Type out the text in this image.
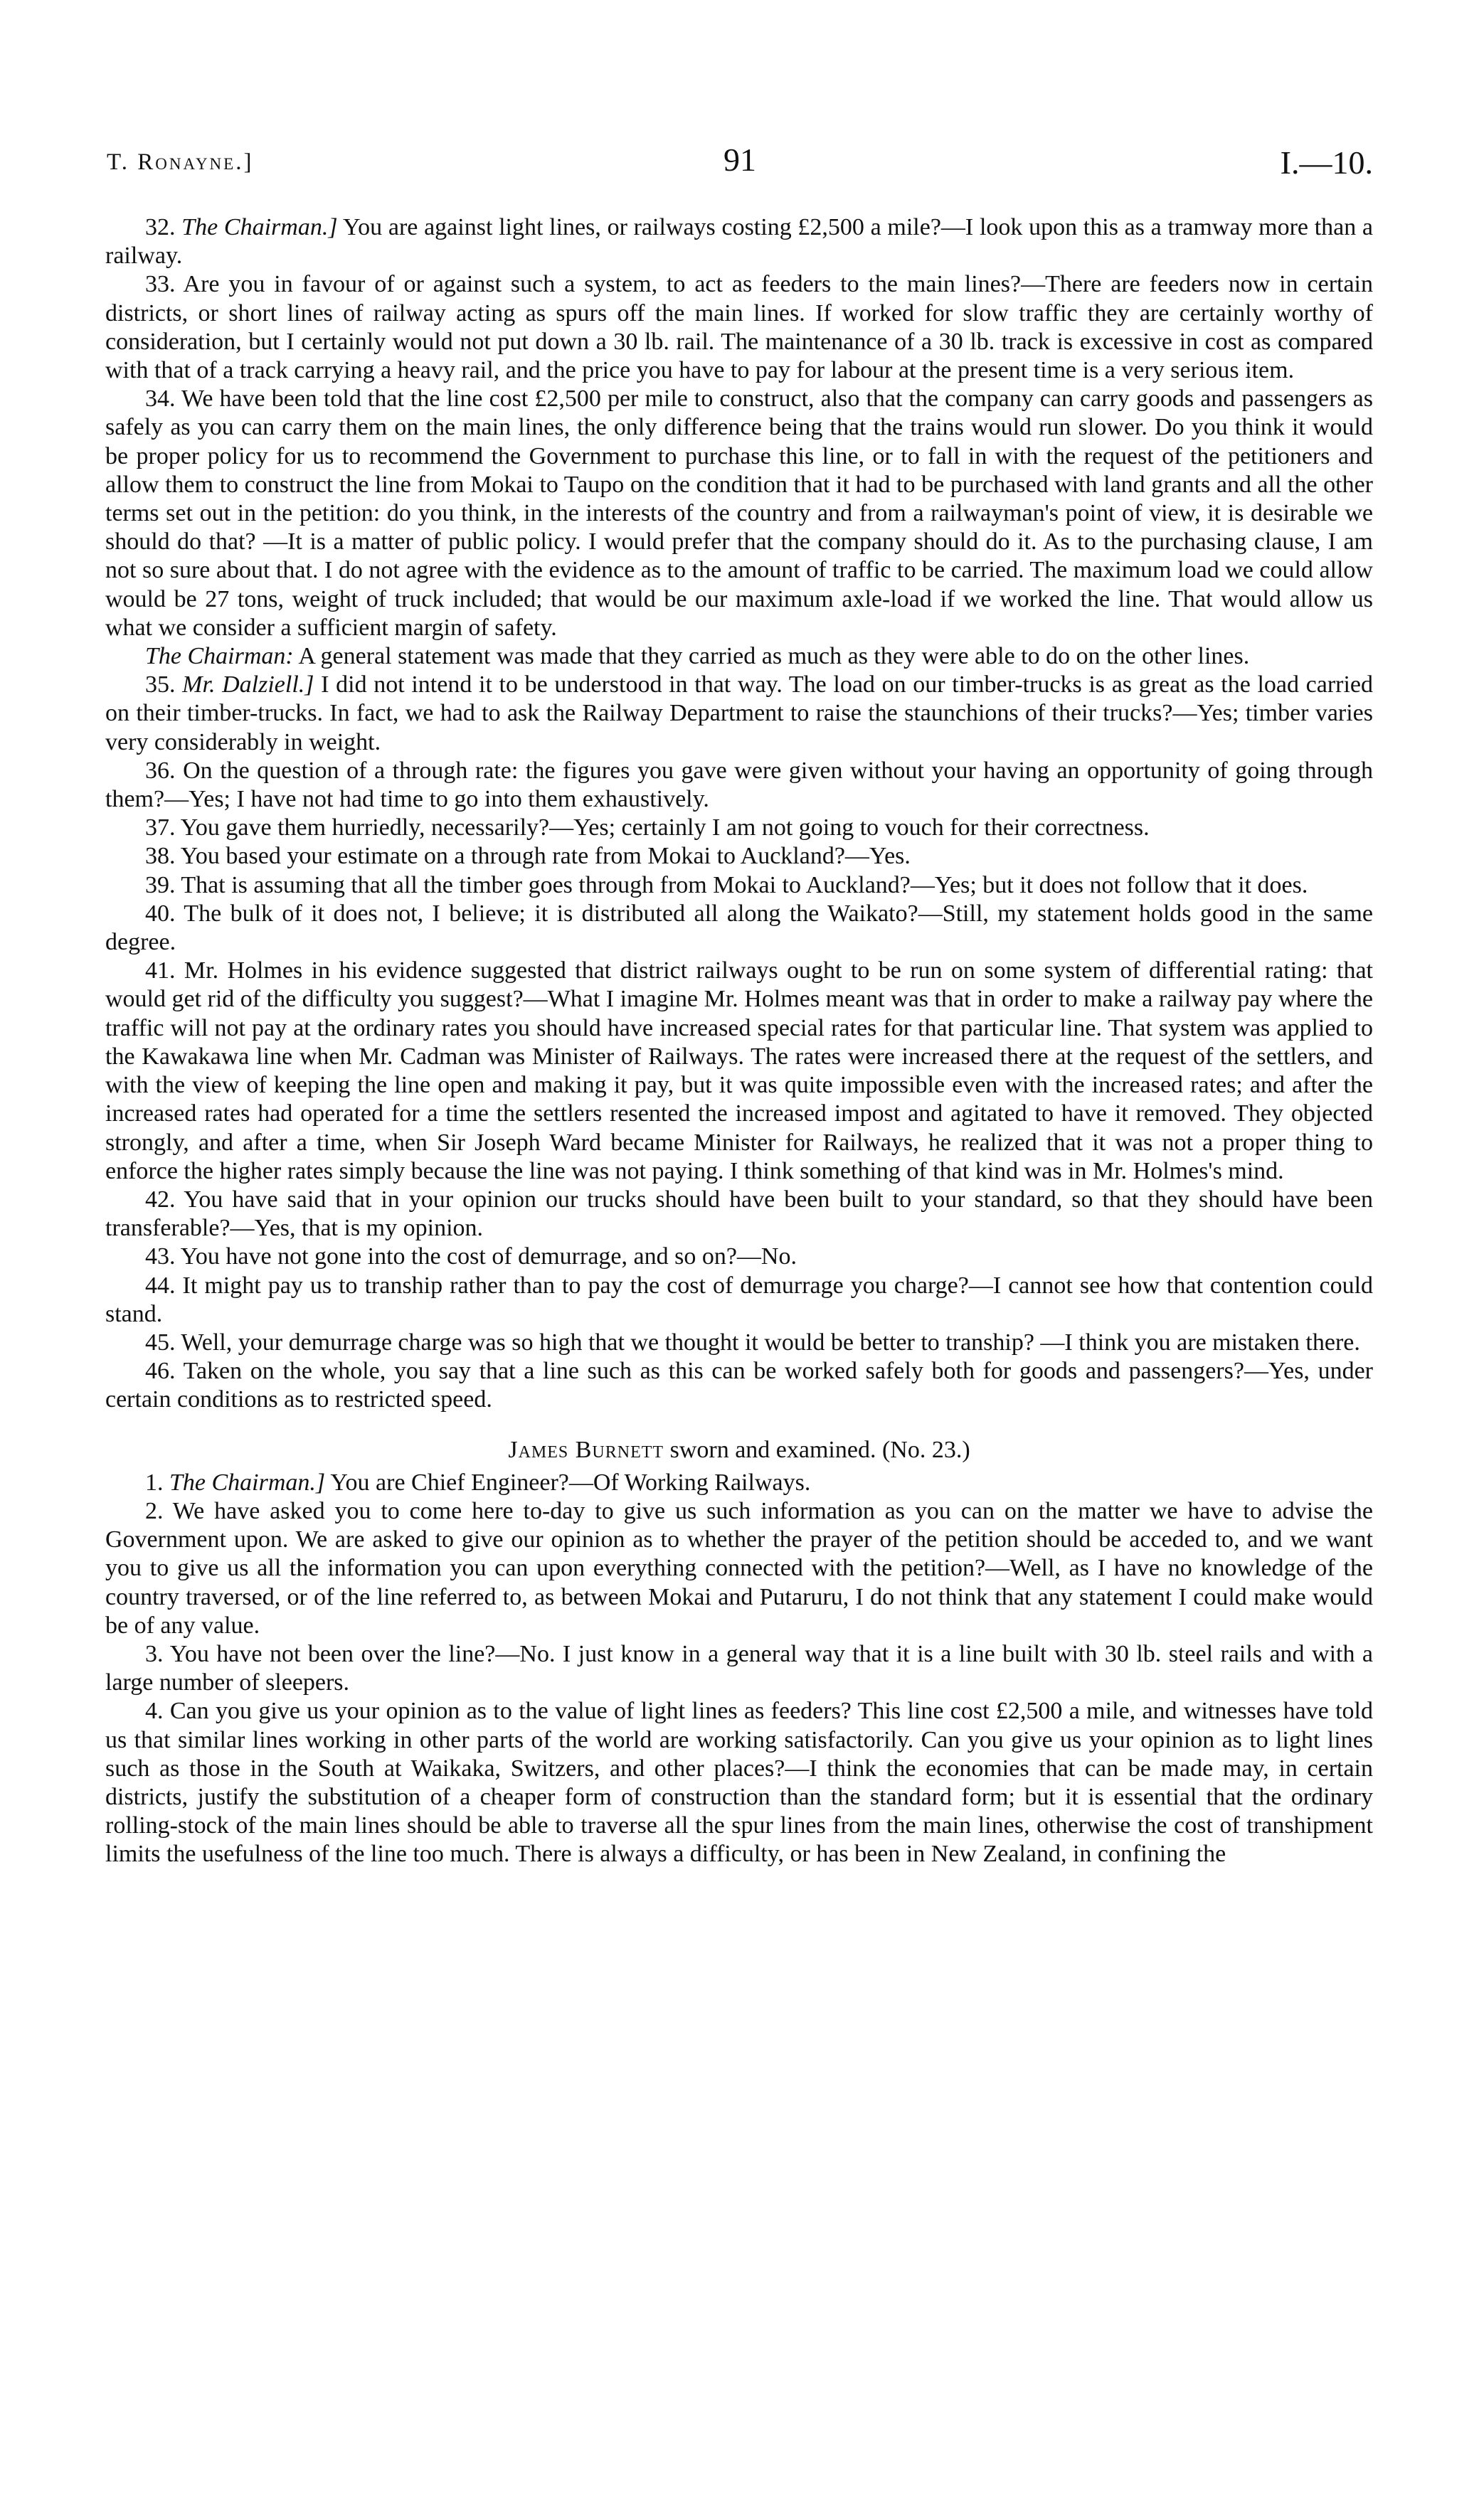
T. Ronayne.]	91	I.—10.

32. The Chairman.] You are against light lines, or railways costing £2,500 a mile?—I look upon this as a tramway more than a railway.

33. Are you in favour of or against such a system, to act as feeders to the main lines?—There are feeders now in certain districts, or short lines of railway acting as spurs off the main lines. If worked for slow traffic they are certainly worthy of consideration, but I certainly would not put down a 30 lb. rail. The maintenance of a 30 lb. track is excessive in cost as compared with that of a track carrying a heavy rail, and the price you have to pay for labour at the present time is a very serious item.

34. We have been told that the line cost £2,500 per mile to construct, also that the company can carry goods and passengers as safely as you can carry them on the main lines, the only difference being that the trains would run slower. Do you think it would be proper policy for us to recommend the Government to purchase this line, or to fall in with the request of the petitioners and allow them to construct the line from Mokai to Taupo on the condition that it had to be purchased with land grants and all the other terms set out in the petition: do you think, in the interests of the country and from a railwayman's point of view, it is desirable we should do that? —It is a matter of public policy. I would prefer that the company should do it. As to the purchasing clause, I am not so sure about that. I do not agree with the evidence as to the amount of traffic to be carried. The maximum load we could allow would be 27 tons, weight of truck included; that would be our maximum axle-load if we worked the line. That would allow us what we consider a sufficient margin of safety.

The Chairman: A general statement was made that they carried as much as they were able to do on the other lines.

35. Mr. Dalziell.] I did not intend it to be understood in that way. The load on our timber-trucks is as great as the load carried on their timber-trucks. In fact, we had to ask the Railway Department to raise the staunchions of their trucks?—Yes; timber varies very considerably in weight.

36. On the question of a through rate: the figures you gave were given without your having an opportunity of going through them?—Yes; I have not had time to go into them exhaustively.

37. You gave them hurriedly, necessarily?—Yes; certainly I am not going to vouch for their correctness.

38. You based your estimate on a through rate from Mokai to Auckland?—Yes.

39. That is assuming that all the timber goes through from Mokai to Auckland?—Yes; but it does not follow that it does.

40. The bulk of it does not, I believe; it is distributed all along the Waikato?—Still, my statement holds good in the same degree.

41. Mr. Holmes in his evidence suggested that district railways ought to be run on some system of differential rating: that would get rid of the difficulty you suggest?—What I imagine Mr. Holmes meant was that in order to make a railway pay where the traffic will not pay at the ordinary rates you should have increased special rates for that particular line. That system was applied to the Kawakawa line when Mr. Cadman was Minister of Railways. The rates were increased there at the request of the settlers, and with the view of keeping the line open and making it pay, but it was quite impossible even with the increased rates; and after the increased rates had operated for a time the settlers resented the increased impost and agitated to have it removed. They objected strongly, and after a time, when Sir Joseph Ward became Minister for Railways, he realized that it was not a proper thing to enforce the higher rates simply because the line was not paying. I think something of that kind was in Mr. Holmes's mind.

42. You have said that in your opinion our trucks should have been built to your standard, so that they should have been transferable?—Yes, that is my opinion.

43. You have not gone into the cost of demurrage, and so on?—No.

44. It might pay us to tranship rather than to pay the cost of demurrage you charge?—I cannot see how that contention could stand.

45. Well, your demurrage charge was so high that we thought it would be better to tranship? —I think you are mistaken there.

46. Taken on the whole, you say that a line such as this can be worked safely both for goods and passengers?—Yes, under certain conditions as to restricted speed.

James Burnett sworn and examined. (No. 23.)

1. The Chairman.] You are Chief Engineer?—Of Working Railways.

2. We have asked you to come here to-day to give us such information as you can on the matter we have to advise the Government upon. We are asked to give our opinion as to whether the prayer of the petition should be acceded to, and we want you to give us all the information you can upon everything connected with the petition?—Well, as I have no knowledge of the country traversed, or of the line referred to, as between Mokai and Putaruru, I do not think that any statement I could make would be of any value.

3. You have not been over the line?—No. I just know in a general way that it is a line built with 30 lb. steel rails and with a large number of sleepers.

4. Can you give us your opinion as to the value of light lines as feeders? This line cost £2,500 a mile, and witnesses have told us that similar lines working in other parts of the world are working satisfactorily. Can you give us your opinion as to light lines such as those in the South at Waikaka, Switzers, and other places?—I think the economies that can be made may, in certain districts, justify the substitution of a cheaper form of construction than the standard form; but it is essential that the ordinary rolling-stock of the main lines should be able to traverse all the spur lines from the main lines, otherwise the cost of transhipment limits the usefulness of the line too much. There is always a difficulty, or has been in New Zealand, in confining the
